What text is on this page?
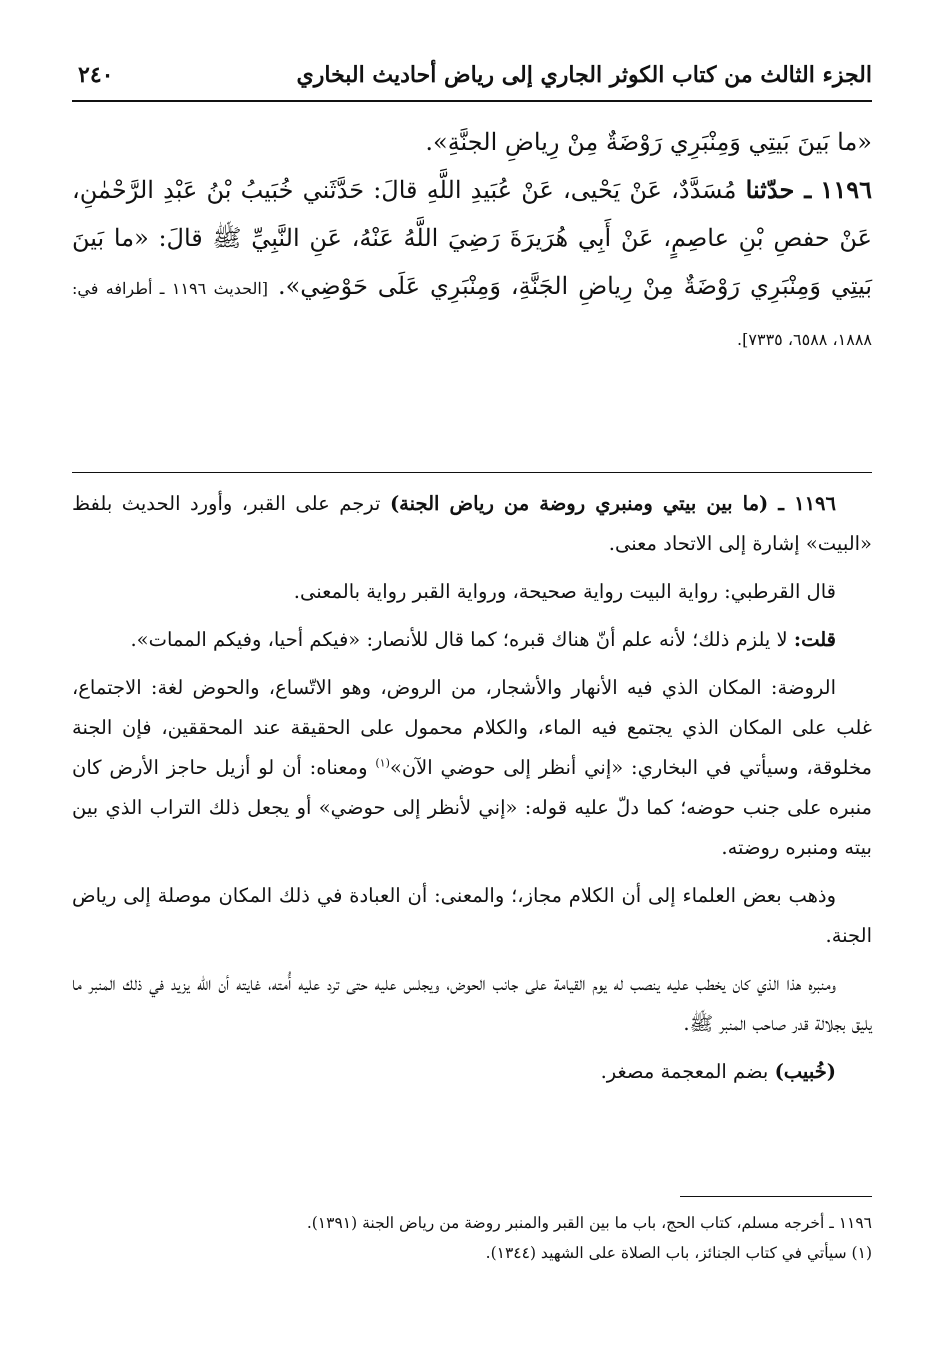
الجزء الثالث من كتاب الكوثر الجاري إلى رياض أحاديث البخاري
٢٤٠

«ما بَينَ بَيتِي وَمِنْبَرِي رَوْضَةٌ مِنْ رِياضِ الجنَّةِ».

١١٩٦ ـ حدّثنا مُسَدَّدٌ، عَنْ يَحْيى، عَنْ عُبَيدِ اللَّهِ قالَ: حَدَّثَني خُبَيبُ بْنُ عَبْدِ الرَّحْمٰنِ، عَنْ حفصِ بْنِ عاصِمٍ، عَنْ أَبِي هُرَيرَةَ رَضِيَ اللَّهُ عَنْهُ، عَنِ النَّبِيِّ ﷺ قالَ: «ما بَينَ بَيتِي وَمِنْبَرِي رَوْضَةٌ مِنْ رِياضِ الجَنَّةِ، وَمِنْبَرِي عَلَى حَوْضِي». [الحديث ١١٩٦ ـ أطرافه في: ١٨٨٨، ٦٥٨٨، ٧٣٣٥].

١١٩٦ ـ (ما بين بيتي ومنبري روضة من رياض الجنة) ترجم على القبر، وأورد الحديث بلفظ «البيت» إشارة إلى الاتحاد معنى.

قال القرطبي: رواية البيت رواية صحيحة، ورواية القبر رواية بالمعنى.

قلت: لا يلزم ذلك؛ لأنه علم أنّ هناك قبره؛ كما قال للأنصار: «فيكم أحيا، وفيكم الممات».

الروضة: المكان الذي فيه الأنهار والأشجار، من الروض، وهو الاتّساع، والحوض لغة: الاجتماع، غلب على المكان الذي يجتمع فيه الماء، والكلام محمول على الحقيقة عند المحققين، فإن الجنة مخلوقة، وسيأتي في البخاري: «إني أنظر إلى حوضي الآن»$^{(١)}$ ومعناه: أن لو أزيل حاجز الأرض كان منبره على جنب حوضه؛ كما دلّ عليه قوله: «إني لأنظر إلى حوضي» أو يجعل ذلك التراب الذي بين بيته ومنبره روضته.

وذهب بعض العلماء إلى أن الكلام مجاز،؛ والمعنى: أن العبادة في ذلك المكان موصلة إلى رياض الجنة.

ومنبره هذا الذي كان يخطب عليه ينصب له يوم القيامة على جانب الحوض، ويجلس عليه حتى ترد عليه أُمته، غايته أن الله يزيد في ذلك المنبر ما يليق بجلالة قدر صاحب المنبر ﷺ.

(خُبيب) بضم المعجمة مصغر.

١١٩٦ ـ أخرجه مسلم، كتاب الحج، باب ما بين القبر والمنبر روضة من رياض الجنة (١٣٩١).

(١) سيأتي في كتاب الجنائز، باب الصلاة على الشهيد (١٣٤٤).
